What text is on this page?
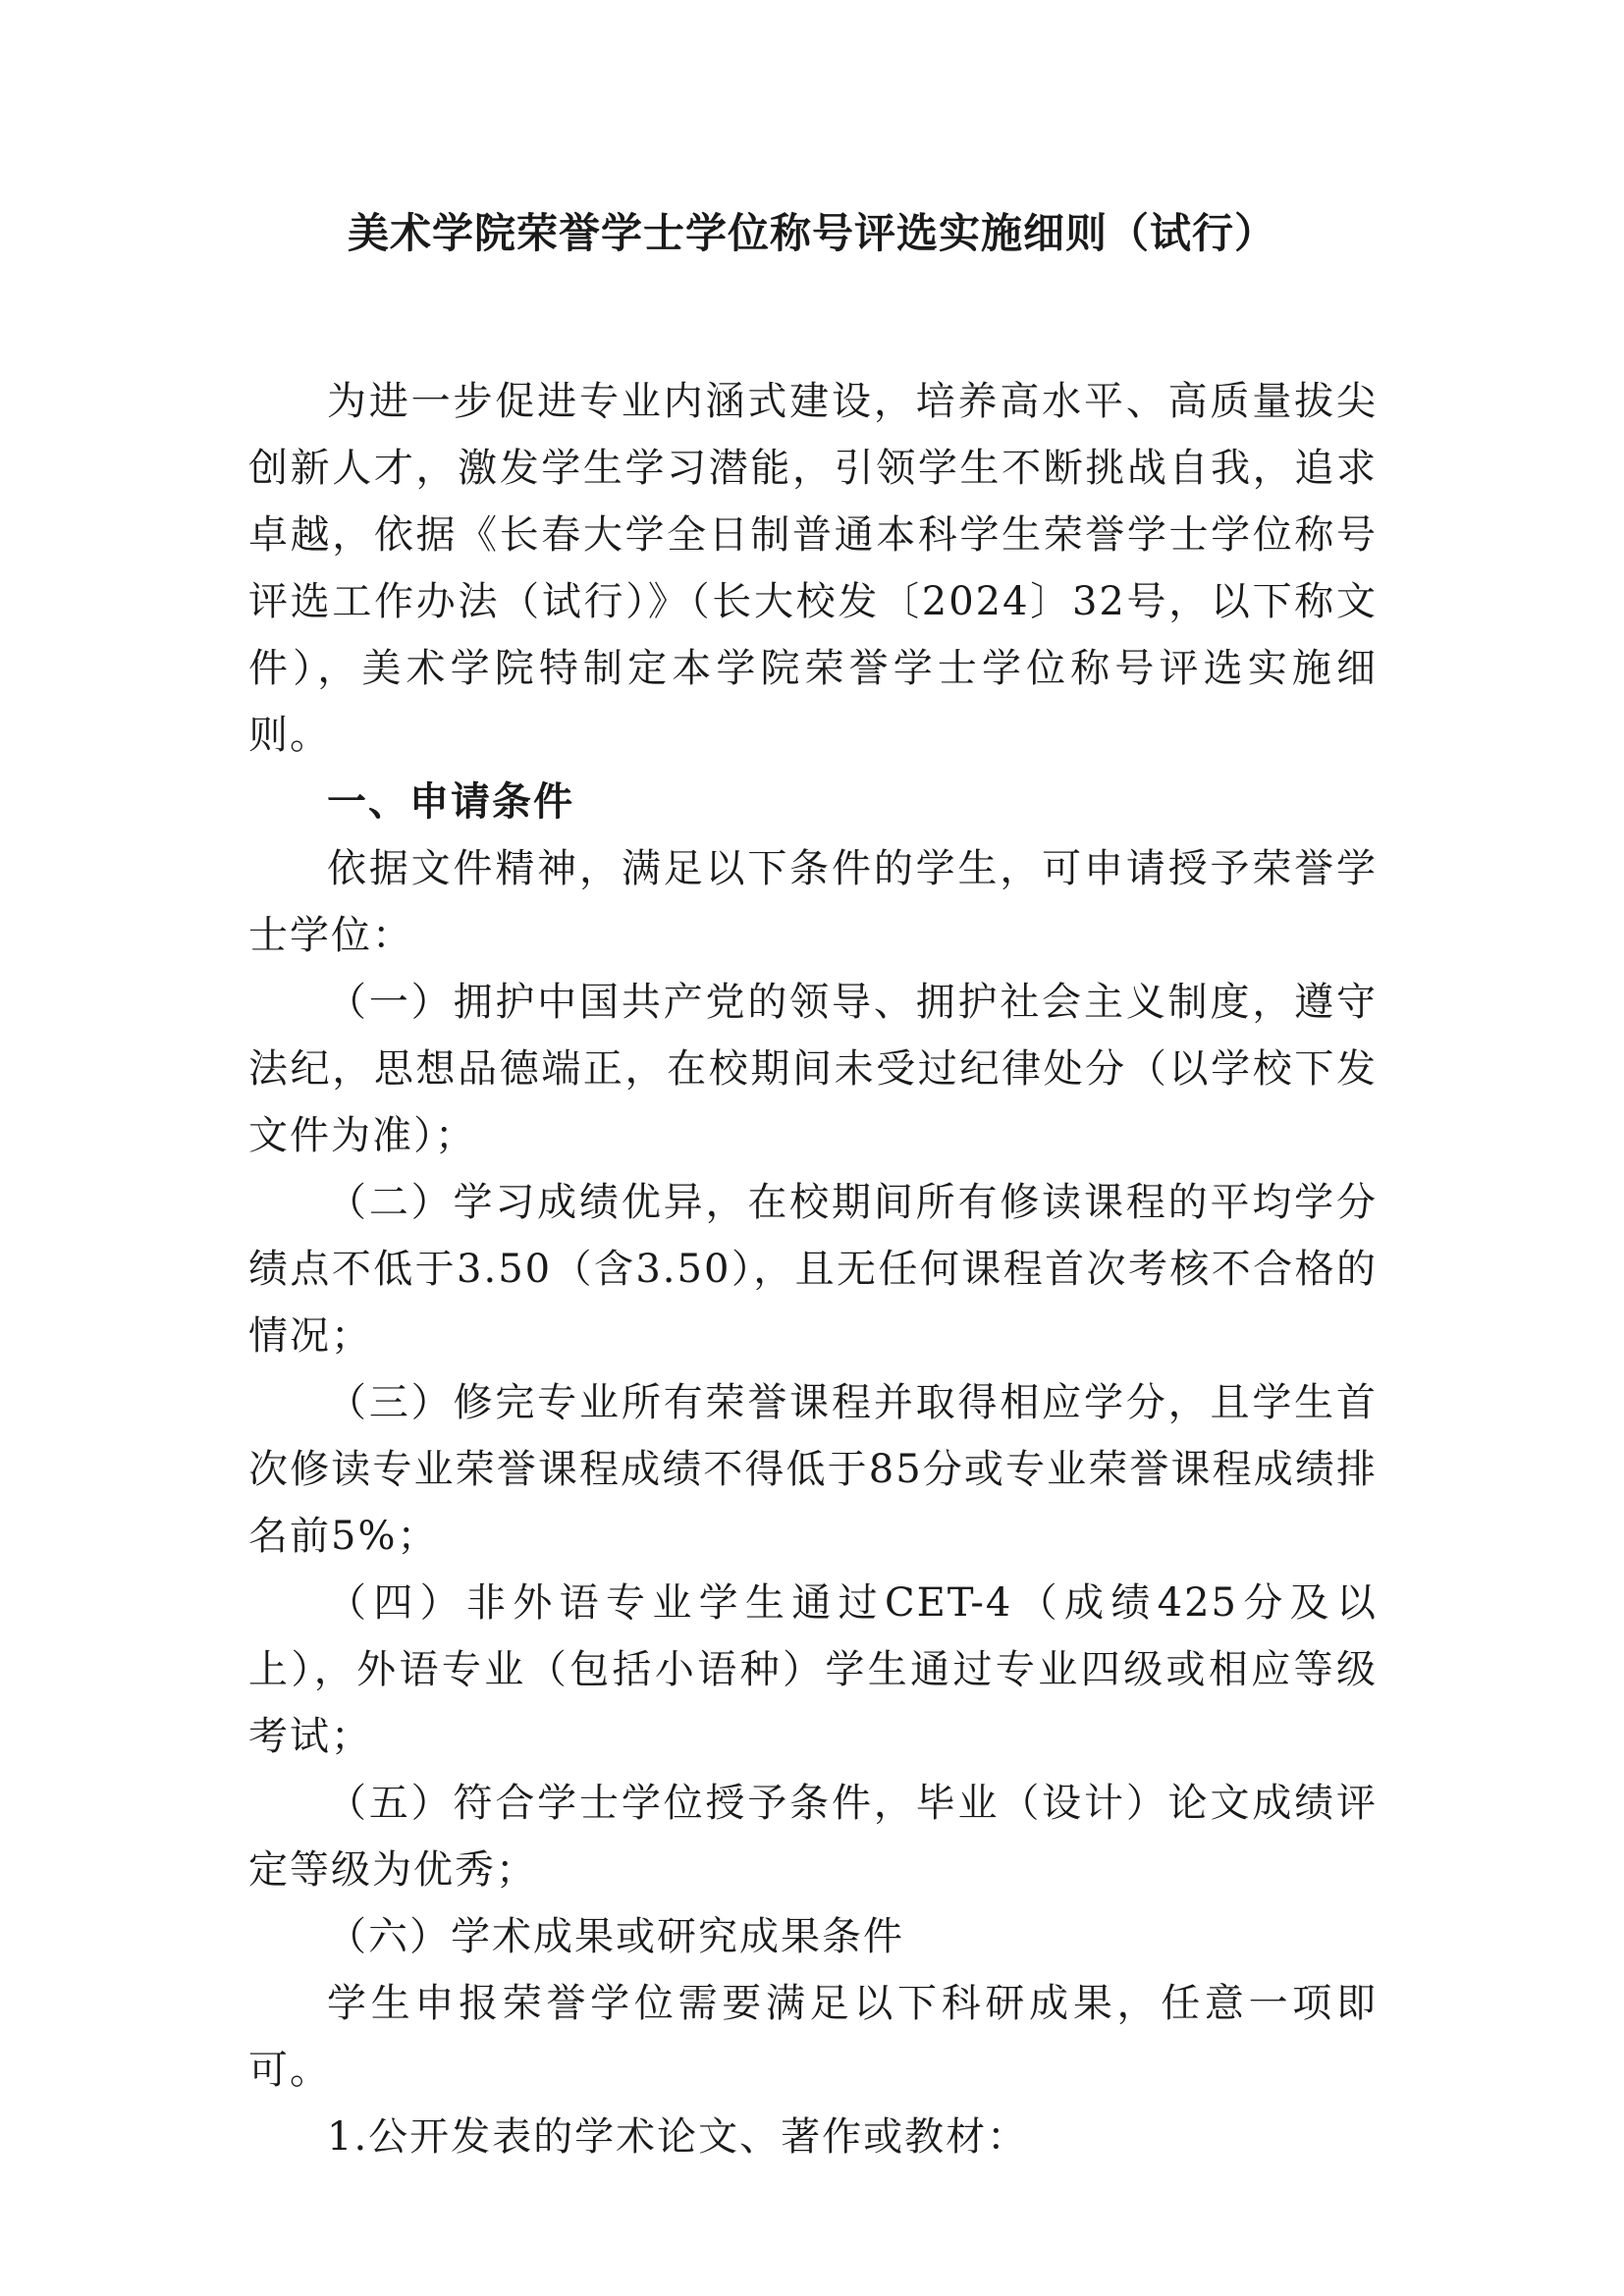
美术学院荣誉学士学位称号评选实施细则（试行）

为进一步促进专业内涵式建设，培养高水平、高质量拔尖创新人才，激发学生学习潜能，引领学生不断挑战自我，追求卓越，依据《长春大学全日制普通本科学生荣誉学士学位称号评选工作办法（试行）》（长大校发〔2024〕32号，以下称文件），美术学院特制定本学院荣誉学士学位称号评选实施细则。

一、申请条件

依据文件精神，满足以下条件的学生，可申请授予荣誉学士学位：

（一）拥护中国共产党的领导、拥护社会主义制度，遵守法纪，思想品德端正，在校期间未受过纪律处分（以学校下发文件为准）；

（二）学习成绩优异，在校期间所有修读课程的平均学分绩点不低于3.50（含3.50），且无任何课程首次考核不合格的情况；

（三）修完专业所有荣誉课程并取得相应学分，且学生首次修读专业荣誉课程成绩不得低于85分或专业荣誉课程成绩排名前5%；

（四）非外语专业学生通过CET-4（成绩425分及以上），外语专业（包括小语种）学生通过专业四级或相应等级考试；

（五）符合学士学位授予条件，毕业（设计）论文成绩评定等级为优秀；

（六）学术成果或研究成果条件

学生申报荣誉学位需要满足以下科研成果，任意一项即可。

1.公开发表的学术论文、著作或教材：
